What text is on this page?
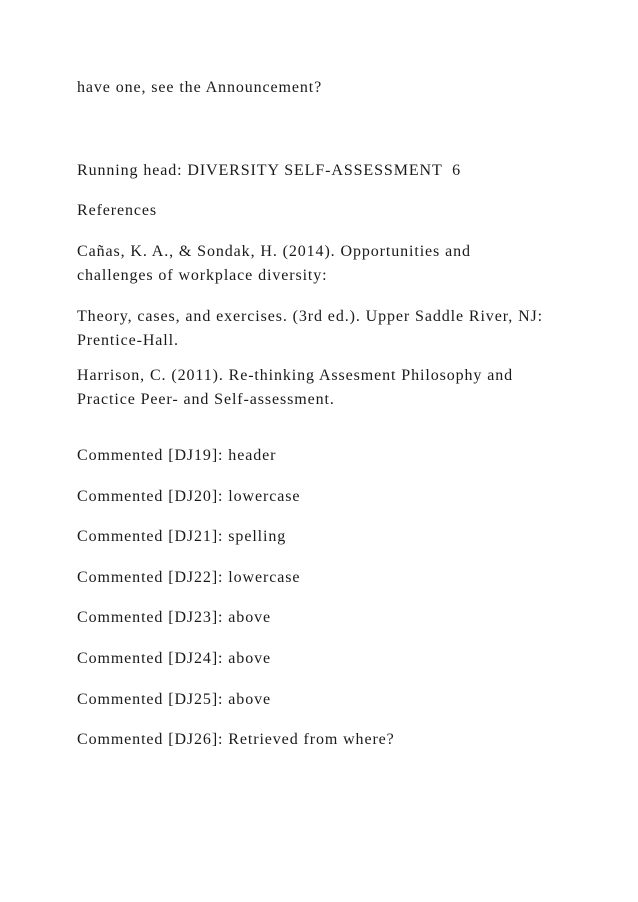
have one, see the Announcement?

Running head: DIVERSITY SELF-ASSESSMENT  6

References

Cañas, K. A., & Sondak, H. (2014). Opportunities and

challenges of workplace diversity:

Theory, cases, and exercises. (3rd ed.). Upper Saddle River, NJ:

Prentice-Hall.

Harrison, C. (2011). Re-thinking Assesment Philosophy and

Practice Peer- and Self-assessment.

Commented [DJ19]: header

Commented [DJ20]: lowercase

Commented [DJ21]: spelling

Commented [DJ22]: lowercase

Commented [DJ23]: above

Commented [DJ24]: above

Commented [DJ25]: above

Commented [DJ26]: Retrieved from where?
